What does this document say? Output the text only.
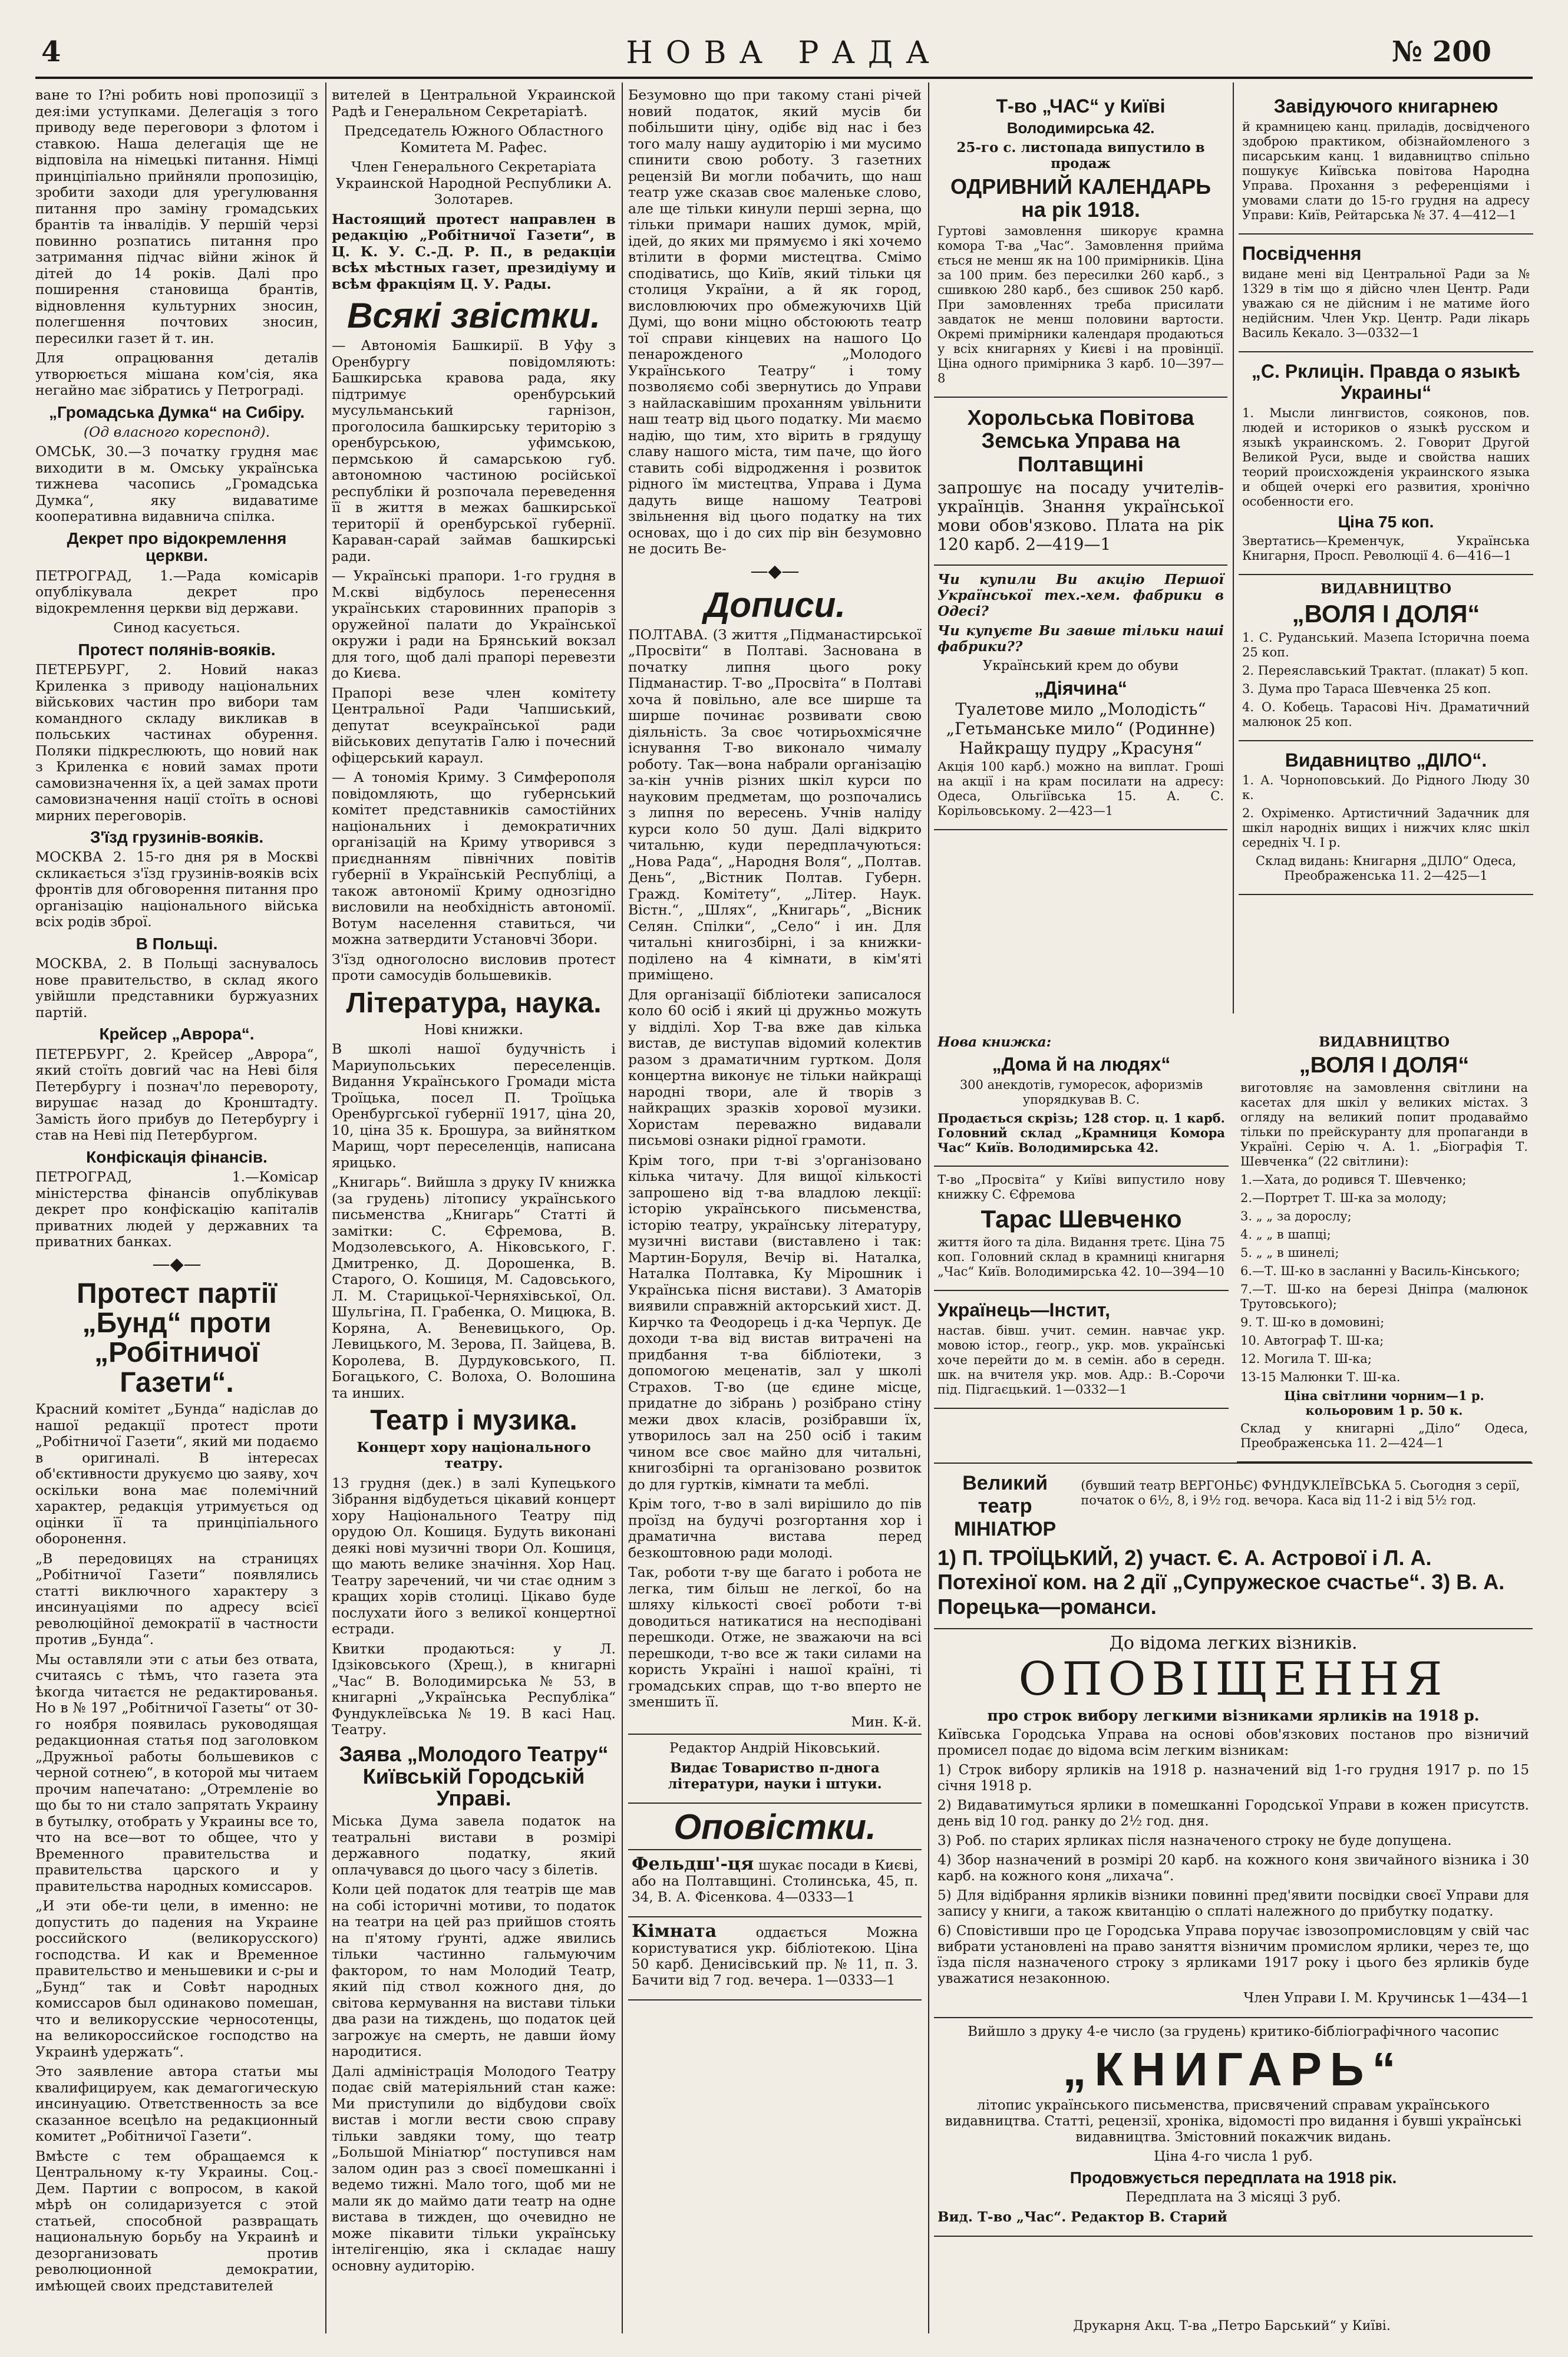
4	НОВА РАДА	№ 200

ване то І?ні робить нові пропозиції з дея:іми уступками. Делегація з того приводу веде переговори з флотом і ставкою. Наша делегація ще не відповіла на німецькі питання. Німці принціпіально прийняли пропозицію, зробити заходи для урегулювання питання про заміну громадських брантів та інвалідів. У першій черзі повинно розпатись питання про затримання підчас війни жінок й дітей до 14 років. Далі про поширення становища брантів, відновлення культурних зносин, полегшення почтових зносин, пересилки газет й т. ин.

Для опрацювання деталів утворюється мішана ком'сія, яка негайно має зібратись у Петрограді.

„Громадська Думка“ на Сибіру.

(Од власного кореспонд).

ОМСЬК, 30.—3 початку грудня має виходити в м. Омську українська тижнева часопись „Громадська Думка“, яку видаватиме кооперативна видавнича спілка.

Декрет про відокремлення церкви.

ПЕТРОГРАД, 1.—Рада комісарів опублікувала декрет про відокремлення церкви від держави.

Синод касується.

Протест полянів-вояків.

ПЕТЕРБУРГ, 2. Новий наказ Криленка з приводу національних військових частин про вибори там командного складу викликав в польських частинах обурення. Поляки підкреслюють, що новий нак з Криленка є новий замах проти самовизначення їх, а цей замах проти самовизначення нації стоїть в основі мирних переговорів.

З'їзд грузинів-вояків.

МОСКВА 2. 15-го дня ря в Москві скликається з'їзд грузинів-вояків всіх фронтів для обговорення питання про організацію національного війська всіх родів зброї.

В Польщі.

МОСКВА, 2. В Польщі заснувалось нове правительство, в склад якого увійшли представники буржуазних партій.

Крейсер „Аврора“.

ПЕТЕРБУРГ, 2. Крейсер „Аврора“, який стоїть довгий час на Неві біля Петербургу і познач'ло перевороту, вирушає назад до Кронштадту. Замість його прибув до Петербургу і став на Неві під Петербургом.

Конфіскація фінансів.

ПЕТРОГРАД, 1.—Комісар міністерства фінансів опублікував декрет про конфіскацію капіталів приватних людей у державних та приватних банках.

—◆—
Протест партії „Бунд“ проти „Робітничої Газети“.

Красний комітет „Бунда“ надіслав до нашої редакції протест проти „Робітничої Газети“, який ми подаємо в оригиналі. В інтересах об'єктивности друкуємо цю заяву, хоч оскільки вона має полемічний характер, редакція утримується од оцінки її та принціпіального оборонення.

„В передовицях на страницях „Робітничої Газети“ появлялись статті виключного характеру з инсинуаціями по адресу всієї революційної демократії в частности против „Бунда“.

Мы оставляли эти с атьи без отвата, считаясь с тѣмъ, что газета эта ѣкогда читаєтся не редактированья. Но в № 197 „Робітничої Газеты“ от 30-го ноября появилась руководящая редакционная статья под заголовком „Дружньої работы большевиков с черной сотнею“, в которой мы читаем прочим напечатано: „Отремленіе во що бы то ни стало запрятать Украину в бутылку, отобрать у Украины все то, что на все—вот то общее, что у Временного правительства и правительства царского и у правительства народных комиссаров.

„И эти обе-ти цели, в именно: не допустить до падения на Украине российского (великорусского) господства. И как и Временное правительство и меньшевики и с-ры и „Бунд“ так и Совѣт народных комиссаров был одинаково помешан, что и великорусские черносотенцы, на великороссийское господство на Украинѣ удержать“.

Это заявление автора статьи мы квалифицируем, как демагогическую инсинуацию. Ответственность за все сказанное всецѣло на редакционный комитет „Робітничої Газети“.

Вмѣсте с тем обращаемся к Центральному к-ту Украины. Соц.-Дем. Партии с вопросом, в какой мѣрѣ он солидаризуется с этой статьей, способной развращать национальную борьбу на Украинѣ и дезорганизовать против революционной демократии, имѣющей своих представителей

вителей в Центральной Украинской Радѣ и Генеральном Секретаріатѣ.

Председатель Южного Областного Комитета М. Рафес.

Член Генерального Секретаріата Украинской Народной Республики А. Золотарев.

Настоящий протест направлен в редакцію „Робітничої Газети“, в Ц. К. У. С.-Д. Р. П., в редакціи всѣх мѣстных газет, президіуму и всѣм фракціям Ц. У. Рады.

Всякі звістки.

— Автономія Башкирії. В Уфу з Оренбургу повідомляють: Башкирська кравова рада, яку підтримує оренбурський мусульманський гарнізон, проголосила башкирську територію з оренбурською, уфимською, пермською й самарською губ. автономною частиною російської республіки й розпочала переведення її в життя в межах башкирської території й оренбурської губернії. Караван-сарай займав башкирські ради.

— Українські прапори. 1-го грудня в М.скві відбулось перенесення українських старовинних прапорів з оружейної палати до Української окружи і ради на Брянський вокзал для того, щоб далі прапорі перевезти до Києва.

Прапорі везе член комітету Центральної Ради Чапшиський, депутат всеукраїнської ради військових депутатів Галю і почесний офіцерський караул.

— А тономія Криму. З Симферополя повідомляють, що губернський комітет представників самостійних національних і демократичних організацій на Криму утворився з приєднанням північних повітів губернії в Українській Республіці, а також автономії Криму однозгідно висловили на необхідність автономії. Вотум населення ставиться, чи можна затвердити Установчі Збори.

З'їзд одноголосно висловив протест проти самосудів большевиків.

Література, наука.

Нові книжки.

В школі нашої будучність і Мариупольських переселенців. Видання Українського Громади міста Троїцька, посел П. Троїцька Оренбургської губернії 1917, ціна 20, 10, ціна 35 к. Брошура, за вийнятком Марищ, чорт переселенців, написана ярицько.

„Книгарь“. Вийшла з друку IV книжка (за грудень) літопису українського письменства „Книгарь“ Статті й замітки: С. Єфремова, В. Модзолевського, А. Ніковського, Г. Дмитренко, Д. Дорошенка, В. Старого, О. Кошиця, М. Садовського, Л. М. Старицької-Черняхівської, Ол. Шульгіна, П. Грабенка, О. Мицюка, В. Коряна, А. Веневицького, Ор. Левицького, М. Зерова, П. Зайцева, В. Королева, В. Дурдуковського, П. Богацького, С. Волоха, О. Волошина та инших.

Театр і музика.

Концерт хору національного театру.

13 грудня (дек.) в залі Купецького Зібрання відбудеться цікавий концерт хору Національного Театру під орудою Ол. Кошиця. Будуть виконані деякі нові музичні твори Ол. Кошиця, що мають велике значіння. Хор Нац. Театру заречений, чи чи стає одним з кращих хорів столиці. Цікаво буде послухати його з великої концертної естради.

Квитки продаються: у Л. Ідзіковського (Хрещ.), в книгарні „Час“ В. Володимирська № 53, в книгарні „Українська Республіка“ Фундуклеївська № 19. В касі Нац. Театру.

Заява „Молодого Театру“ Київській Городській Управі.

Міська Дума завела податок на театральні вистави в розмірі державного податку, який оплачувався до цього часу з білетів.

Коли цей податок для театрів ще мав на собі історичні мотиви, то податок на театри на цей раз прийшов стоять на п'ятому ґрунті, адже явились тільки частинно гальмуючим фактором, то нам Молодий Театр, який під ствол кожного дня, до світова кермування на вистави тільки два рази на тиждень, що податок цей загрожує на смерть, не давши йому народитися.

Далі адміністрація Молодого Театру подає свій матеріяльний стан каже: Ми приступили до відбудови своїх вистав і могли вести свою справу тільки завдяки тому, що театр „Большой Мініатюр“ поступився нам залом один раз з своєї помешканні і ведемо тижні. Мало того, щоб ми не мали як до маймо дати театр на одне вистава в тижден, що очевидно не може пікавити тільки українську інтелігенцію, яка і складає нашу основну аудиторію.

Безумовно що при такому стані річей новий податок, який мусів би побільшити ціну, одібє від нас і без того малу нашу аудиторію і ми мусимо спинити свою роботу. З газетних рецензій Ви могли побачить, що наш театр уже сказав своє маленьке слово, але ще тільки кинули перші зерна, що тільки примари наших думок, мрій, ідей, до яких ми прямуємо і які хочемо втілити в форми мистецтва. Смімо сподіватись, що Київ, який тільки ця столиця України, а й як город, висловлюючих про обмежуючихв Цій Думі, що вони міцно обстоюють театр тої справи кінцевих на нашого Цо пенарожденого „Молодого Українського Театру“ і тому позволяємо собі звернутись до Управи з найласкавішим проханням увільнити наш театр від цього податку. Ми маємо надію, що тим, хто вірить в грядущу славу нашого міста, тим паче, що його ставить собі відродження і розвиток рідного їм мистецтва, Управа і Дума дадуть вище нашому Театрові звільнення від цього податку на тих основах, що і до сих пір він безумовно не досить Ве-

—◆—
Дописи.

ПОЛТАВА. (З життя „Підманастирської „Просвіти“ в Полтаві. Заснована в початку липня цього року Підманастир. Т-во „Просвіта“ в Полтаві хоча й повільно, але все ширше та ширше починає розвивати свою діяльність. За своє чотирьохмісячне існування Т-во виконало чималу роботу. Так—вона набрали організацію за-кін учнів різних шкіл курси по науковим предметам, що розпочались з липня по вересень. Учнів наліду курси коло 50 душ. Далі відкрито читальню, куди передплачуються: „Нова Рада“, „Народня Воля“, „Полтав. День“, „Вістник Полтав. Губерн. Гражд. Комітету“, „Літер. Наук. Вістн.“, „Шлях“, „Книгарь“, „Вісник Селян. Спілки“, „Село“ і ин. Для читальні книгозбірні, і за книжки-поділено на 4 кімнати, в кім'яті приміщено.

Для організації бібліотеки записалося коло 60 осіб і який ці дружньо можуть у відділі. Хор Т-ва вже дав кілька вистав, де виступав відомий колектив разом з драматичним гуртком. Доля концертна виконує не тільки найкращі народні твори, але й творів з найкращих зразків хорової музики. Хористам переважно видавали письмові ознаки рідної грамоти.

Крім того, при т-ві з'організовано кілька читачу. Для вищої кількості запрошено від т-ва владлою лекції: історію українського письменства, історію театру, українську літературу, музичні вистави (виставлено і так: Мартин-Боруля, Вечір ві. Наталка, Наталка Полтавка, Ку Мірошник і Українська пісня вистави). З Аматорів виявили справжній акторський хист. Д. Кирчко та Феодорець і д-ка Черпук. Де доходи т-ва від вистав витрачені на придбання т-ва бібліотеки, з допомогою меценатів, зал у школі Страхов. Т-во (це єдине місце, придатне до зібрань ) розібрано стіну межи двох класів, розібравши їх, утворилось зал на 250 осіб і таким чином все своє майно для читальні, книгозбірні та організовано розвиток до для гуртків, кімнати та меблі.

Крім того, т-во в залі вирішило до пів проїзд на будучі розгортання хор і драматична вистава перед безкоштовною ради молоді.

Так, роботи т-ву ще багато і робота не легка, тим більш не легкої, бо на шляху кількості своєї роботи т-ві доводиться натикатися на несподівані перешкоди. Отже, не зважаючи на всі перешкоди, т-во все ж таки силами на користь Україні і нашої країні, ті громадських справ, що т-во вперто не зменшить її.

Мин. К-й.

Редактор Андрій Ніковський.

Видає Товариство п-днога літератури, науки і штуки.

Оповістки.

Фельдш'-ця шукає посади в Києві, або на Полтавщині. Столинська, 45, п. 34, В. А. Фісенкова. 4—0333—1

Кімната	оддається Можна користуватися укр. бібліотекою. Ціна 50 карб. Денисівський пр. № 11, п. 3. Бачити від 7 год. вечера. 1—0333—1

Т-во „ЧАС“ у Київі
Володимирська 42.

25-го с. листопада випустило в продаж

ОДРИВНИЙ КАЛЕНДАРЬ на рік 1918.

Гуртові замовлення шикорує крамна комора Т-ва „Час“. Замовлення прийма ється не менш як на 100 примірників. Ціна за 100 прим. без пересилки 260 карб., з сшивкою 280 карб., без сшивок 250 карб. При замовленнях треба присилати завдаток не менш половини вартости. Окремі примірники календаря продаються у всіх книгарнях у Києві і на провінції. Ціна одного примірника 3 карб. 10—397—8

Хорольська Повітова Земська Управа на Полтавщині

запрошує на посаду учителів-українців. Знання української мови обов'язково. Плата на рік 120 карб. 2—419—1

Чи купили Ви акцію Першої Української тех.-хем. фабрики в Одесі?

Чи купуєте Ви завше тільки наші фабрики??

Український крем до обуви

„Діячина“

Туалетове мило „Молодість“

„Гетьманське мило“ (Родинне)

Найкращу пудру „Красуня“

Акція 100 карб.) можно на виплат. Гроші на акції і на крам посилати на адресу: Одеса, Ольгіївська 15. А. С. Корільовському. 2—423—1

Завідуючого книгарнею

й крамницею канц. приладів, досвідченого здоброю практиком, обізнайомленого з писарським канц. 1 видавництво спільно пошукує Київська повітова Народна Управа. Прохання з референціями і умовами слати до 15-го грудня на адресу Управи: Київ, Рейтарська № 37. 4—412—1

Посвідчення

видане мені від Центральної Ради за № 1329 в тім що я дійсно член Центр. Ради уважаю ся не дійсним і не матиме його недійсним. Член Укр. Центр. Ради лікарь Василь Кекало. 3—0332—1

„С. Рклицін. Правда о языкѣ Украины“

1. Мысли лингвистов, сояконов, пов. людей и историков о языкѣ русском и языкѣ украинскомъ. 2. Говорит Другой Великой Руси, выде и свойства наших теорий происхожденія украинского языка и общей очеркі его развития, хронічно особенности его.

Ціна 75 коп.

Звертатись—Кременчук, Українська Книгарня, Просп. Революції 4. 6—416—1

ВИДАВНИЦТВО

„ВОЛЯ І ДОЛЯ“

1. С. Руданський. Мазепа Історична поема 25 коп.

2. Переяславський Трактат. (плакат) 5 коп.

3. Дума про Тараса Шевченка 25 коп.

4. О. Кобець. Тарасові Ніч. Драматичний малюнок 25 коп.

Видавництво „ДІЛО“.

1. А. Чорноповський. До Рідного Люду 30 к.

2. Охріменко. Артистичний Задачник для шкіл народніх вищих і нижчих кляс шкіл середніх Ч. І р.

Склад видань: Книгарня „ДІЛО“ Одеса, Преображенська 11. 2—425—1

Нова книжка:

„Дома й на людях“

300 анекдотів, гуморесок, афоризмів упорядкував В. С.

Продається скрізь; 128 стор. ц. 1 карб. Головний склад „Крамниця Комора Час“ Київ. Володимирська 42.

Т-во „Просвіта“ у Київі випустило нову книжку С. Єфремова

Тарас Шевченко

життя його та діла. Видання третє. Ціна 75 коп. Головний склад в крамниці книгарня „Час“ Київ. Володимирська 42. 10—394—10

Українець—Інстит,

настав. бівш. учит. семин. навчає укр. мовою істор., геогр., укр. мов. українські хоче перейти до м. в семін. або в середн. шк. на вчителя укр. мов. Адр.: В.-Сорочи під. Підгаєцький. 1—0332—1

ВИДАВНИЦТВО

„ВОЛЯ І ДОЛЯ“

виготовляє на замовлення світлини на касетах для шкіл у великих містах. З огляду на великий попит продаваймо тільки по прейскуранту для пропаганди в Україні. Серію ч. А. 1. „Біографія Т. Шевченка“ (22 світлини):

1.—Хата, до родився Т. Шевченко;

2.—Портрет Т. Ш-ка за молоду;

3. „ „ за дорослу;

4. „ „ в шапці;

5. „ „ в шинелі;

6.—Т. Ш-ко в засланні у Василь-Кінського;

7.—Т. Ш-ко на березі Дніпра (малюнок Трутовського);

9. Т. Ш-ко в домовині;

10. Автограф Т. Ш-ка;

12. Могила Т. Ш-ка;

13-15 Малюнки Т. Ш-ка.

Ціна світлини чорним—1 р. кольоровим 1 р. 50 к.

Склад у книгарні „Діло“ Одеса, Преображенська 11. 2—424—1

Великий театр МІНІАТЮР
(бувший театр ВЕРГОНЬЄ) ФУНДУКЛЕЇВСЬКА 5. Сьогодня з серії, початок о 6½, 8, і 9½ год. вечора. Каса від 11-2 і від 5½ год.
1) П. ТРОЇЦЬКИЙ, 2) участ. Є. А. Астрової і Л. А. Потехіної ком. на 2 дії „Супружеское счастье“. 3) В. А. Порецька—романси.

До відома легких візників.

ОПОВІЩЕННЯ

про строк вибору легкими візниками ярликів на 1918 р.

Київська Городська Управа на основі обов'язкових постанов про візничий промисел подає до відома всім легким візникам:

1) Строк вибору ярликів на 1918 р. назначений від 1-го грудня 1917 р. по 15 січня 1918 р.

2) Видаватимуться ярлики в помешканні Городської Управи в кожен присутств. день від 10 год. ранку до 2½ год. дня.

3) Роб. по старих ярликах після назначеного строку не буде допущена.

4) Збор назначений в розмірі 20 карб. на кожного коня звичайного візника і 30 карб. на кожного коня „лихача“.

5) Для відібрання ярликів візники повинні пред'явити посвідки своєї Управи для запису у книги, а також квитанцію о сплаті належного до прибутку податку.

6) Сповістивши про це Городська Управа поручає ізвозопромисловцям у свій час вибрати установлені на право заняття візничим промислом ярлики, через те, що їзда після назначеного строку з ярликами 1917 року і цього без ярликів буде уважатися незаконною.

Член Управи І. М. Кручинськ 1—434—1

Вийшло з друку 4-е число (за грудень) критико-бібліографічного часопис

„КНИГАРЬ“

літопис українського письменства, присвячений справам українського видавництва. Статті, рецензії, хроніка, відомості про видання і бувші українські видавництва. Змістовний покажчик видань.

Ціна 4-го числа 1 руб.

Продовжується передплата на 1918 рік.

Передплата на 3 місяці 3 руб.

Вид. Т-во „Час“. Редактор В. Старий

Друкарня Акц. Т-ва „Петро Барський“ у Київі.
